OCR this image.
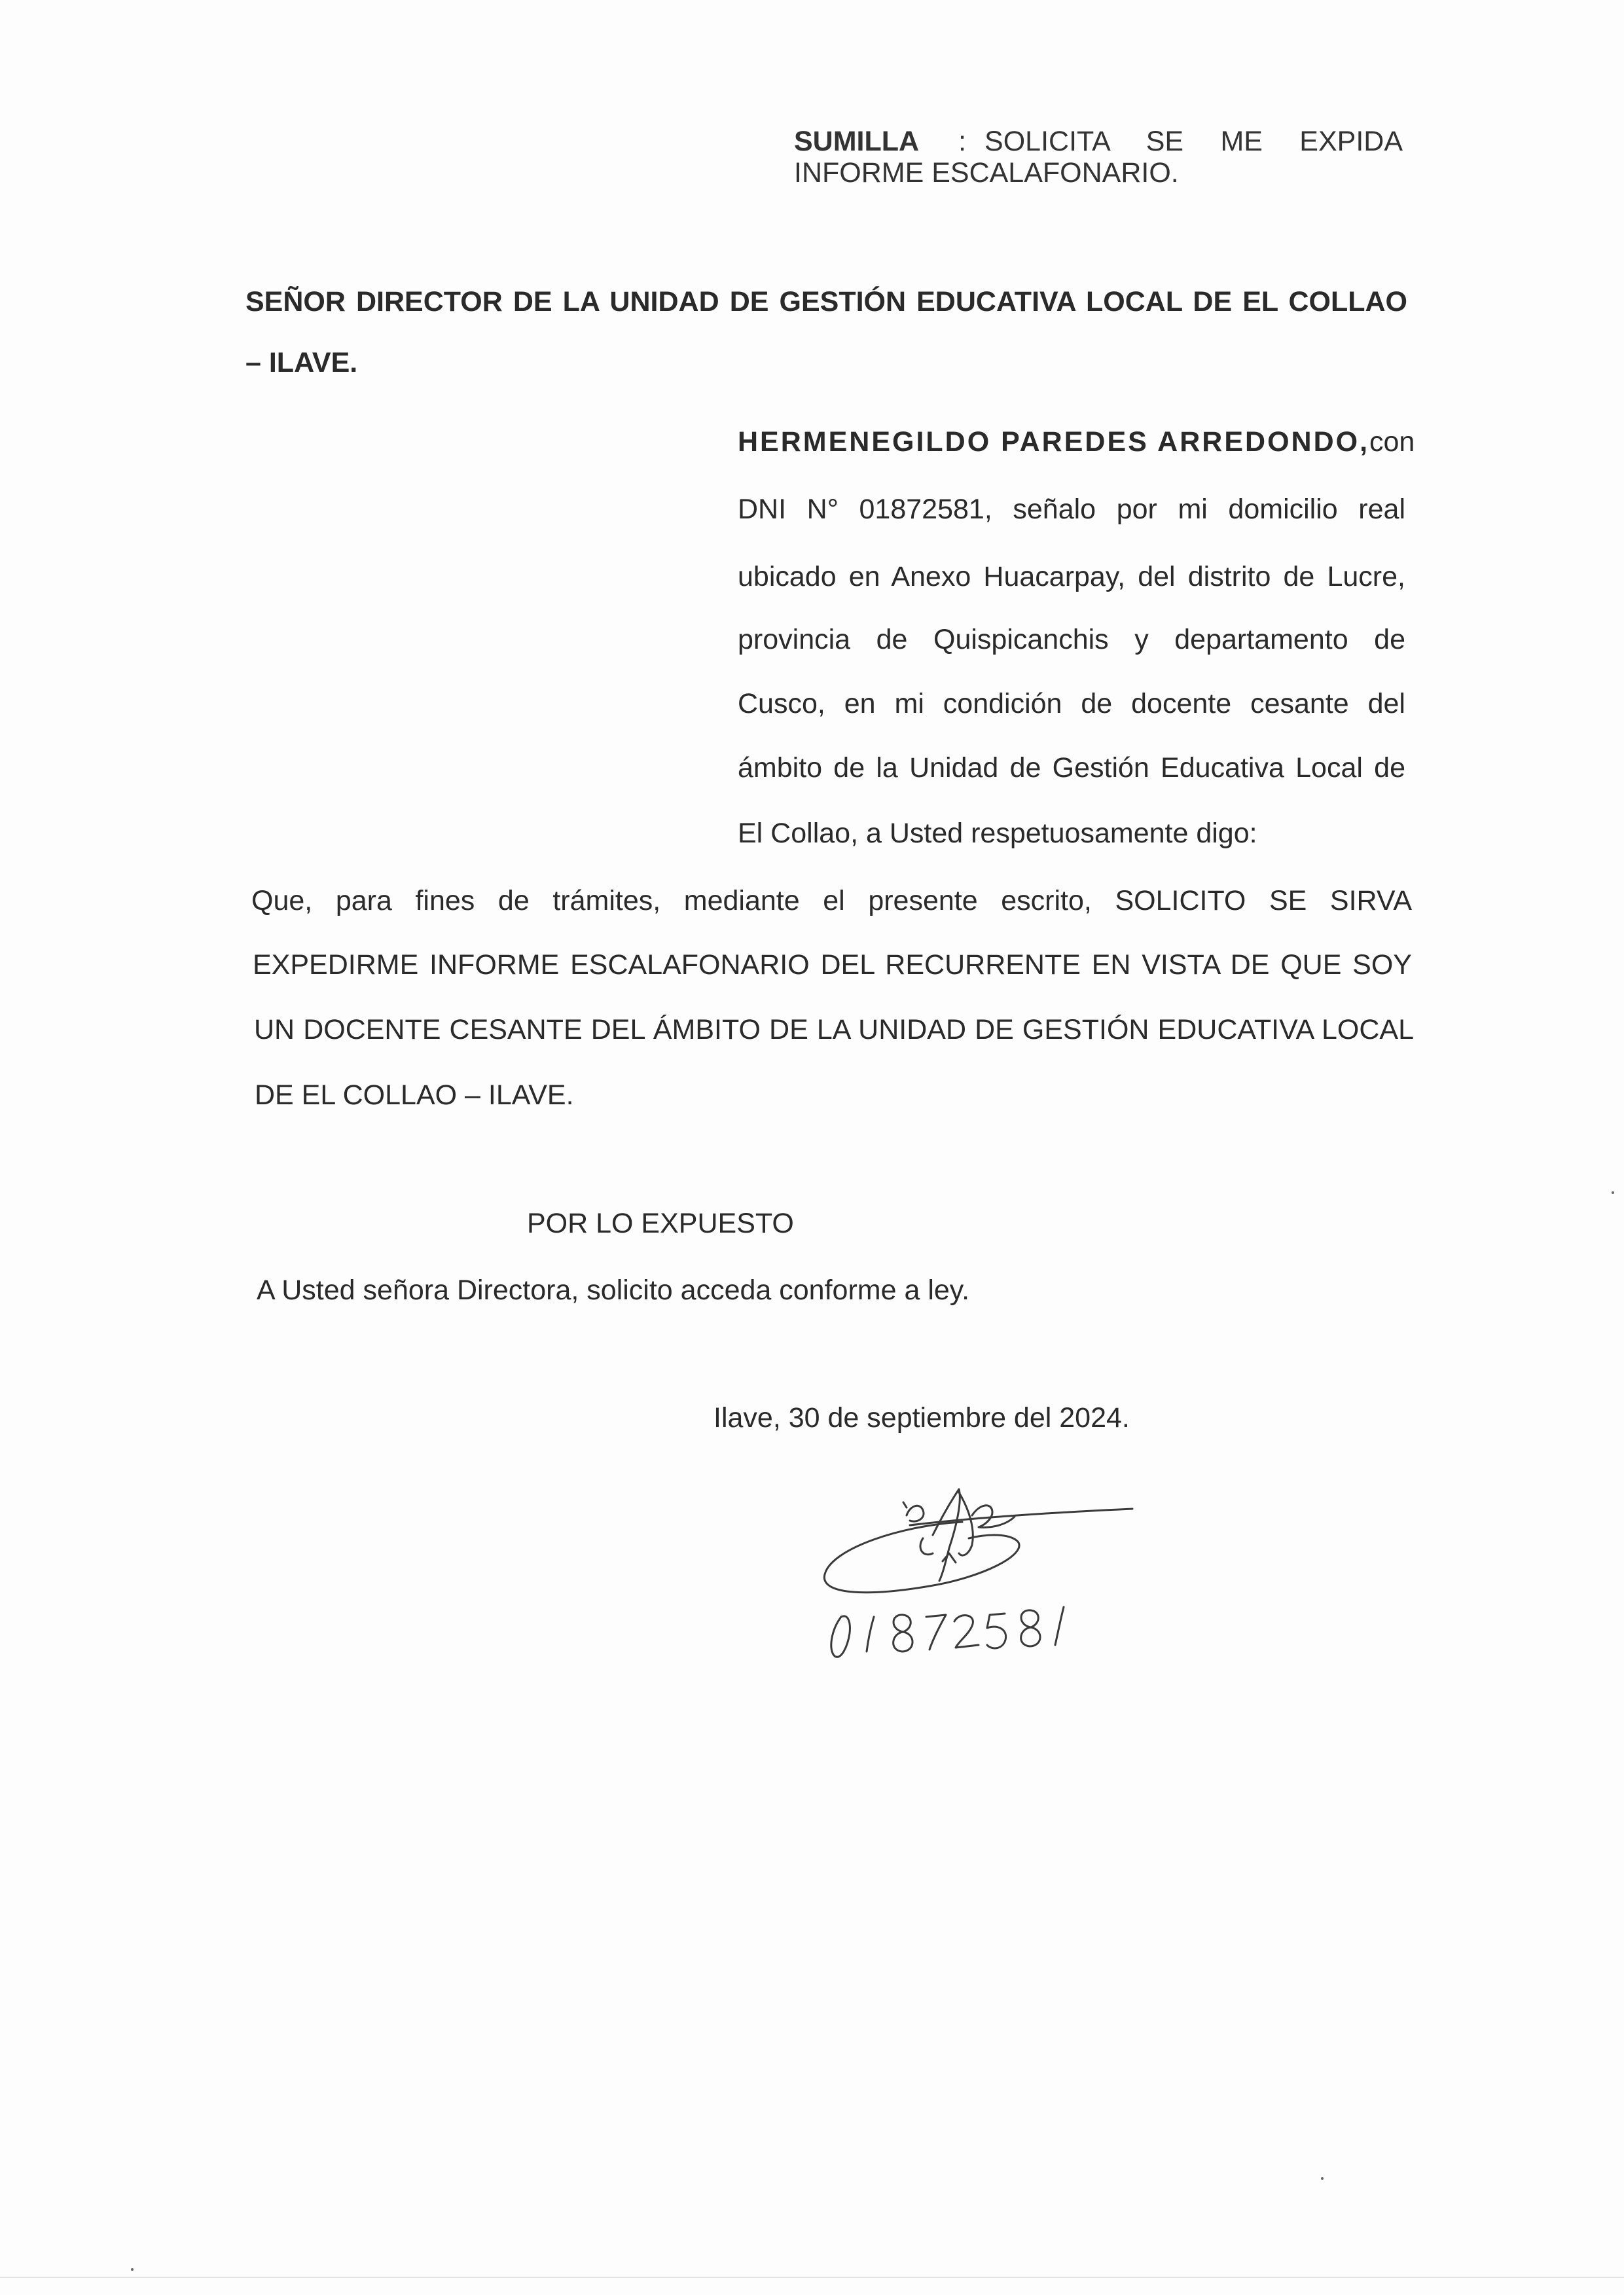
SUMILLA : SOLICITA SE ME EXPIDA
INFORME ESCALAFONARIO.
SEÑOR DIRECTOR DE LA UNIDAD DE GESTIÓN EDUCATIVA LOCAL DE EL COLLAO
– ILAVE.
HERMENEGILDO PAREDES ARREDONDO, con
DNI N° 01872581, señalo por mi domicilio real
ubicado en Anexo Huacarpay, del distrito de Lucre,
provincia de Quispicanchis y departamento de
Cusco, en mi condición de docente cesante del
ámbito de la Unidad de Gestión Educativa Local de
El Collao, a Usted respetuosamente digo:
Que, para fines de trámites, mediante el presente escrito, SOLICITO SE SIRVA
EXPEDIRME INFORME ESCALAFONARIO DEL RECURRENTE EN VISTA DE QUE SOY
UN DOCENTE CESANTE DEL ÁMBITO DE LA UNIDAD DE GESTIÓN EDUCATIVA LOCAL
DE EL COLLAO – ILAVE.
POR LO EXPUESTO
A Usted señora Directora, solicito acceda conforme a ley.
Ilave, 30 de septiembre del 2024.
